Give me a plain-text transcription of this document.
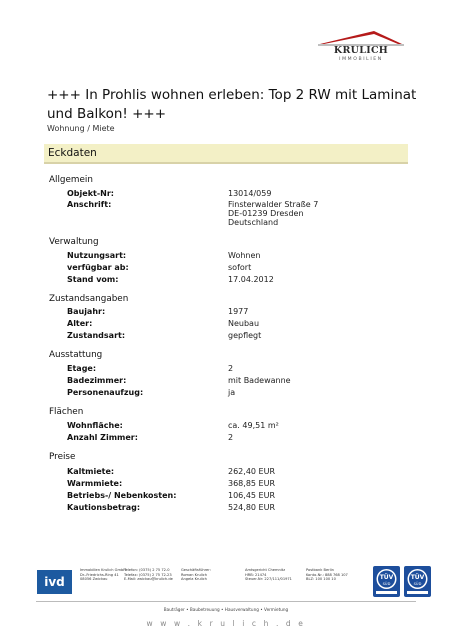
KRULICH
IMMOBILIEN
+++ In Prohlis wohnen erleben: Top 2 RW mit Laminat und Balkon! +++
Wohnung / Miete
Eckdaten
Allgemein
Objekt-Nr:	13014/059
Anschrift:	Finsterwalder Straße 7
DE-01239 Dresden
Deutschland
Verwaltung
Nutzungsart:	Wohnen
verfügbar ab:	sofort
Stand vom:	17.04.2012
Zustandsangaben
Baujahr:	1977
Alter:	Neubau
Zustandsart:	gepflegt
Ausstattung
Etage:	2
Badezimmer:	mit Badewanne
Personenaufzug:	ja
Flächen
Wohnfläche:	ca. 49,51 m²
Anzahl Zimmer:	2
Preise
Kaltmiete:	262,40 EUR
Warmmiete:	368,85 EUR
Betriebs-/ Nebenkosten:	106,45 EUR
Kautionsbetrag:	524,80 EUR
ivd
Immobilien Krulich GmbH
Dr.-Friedrichs-Ring 41
08056 Zwickau
Telefon: (0375) 2 75 72-0
Telefax: (0375) 2 75 72-23
E-Mail: zwickau@krulich.de
Geschäftsführer:
Roman Krulich
Angela Krulich
Amtsgericht Chemnitz
HRB: 21474
Steuer-Nr: 227/111/01971
Postbank Berlin
Konto-Nr.: 888 768 107
BLZ: 100 100 10	TÜV
SÜD
TÜV
SÜD
Bauträger • Baubetreuung • Hausverwaltung • Vermietung
w w w . k r u l i c h . d e
